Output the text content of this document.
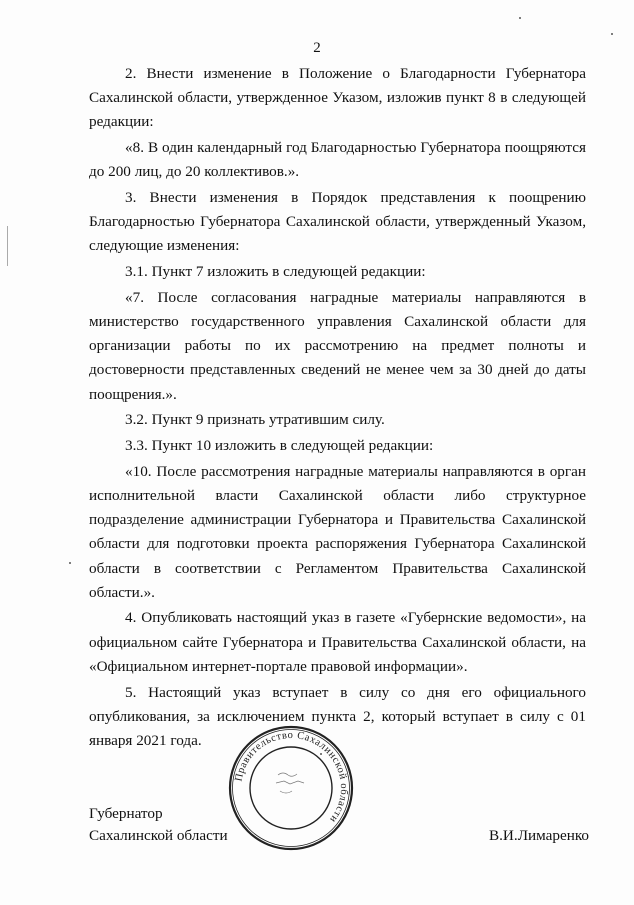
2

2. Внести изменение в Положение о Благодарности Губернатора Сахалинской области, утвержденное Указом, изложив пункт 8 в следующей редакции:

«8. В один календарный год Благодарностью Губернатора поощряются до 200 лиц, до 20 коллективов.».

3. Внести изменения в Порядок представления к поощрению Благодарностью Губернатора Сахалинской области, утвержденный Указом, следующие изменения:

3.1. Пункт 7 изложить в следующей редакции:

«7. После согласования наградные материалы направляются в министерство государственного управления Сахалинской области для организации работы по их рассмотрению на предмет полноты и достоверности представленных сведений не менее чем за 30 дней до даты поощрения.».

3.2. Пункт 9 признать утратившим силу.

3.3. Пункт 10 изложить в следующей редакции:

«10. После рассмотрения наградные материалы направляются в орган исполнительной власти Сахалинской области либо структурное подразделение администрации Губернатора и Правительства Сахалинской области для подготовки проекта распоряжения Губернатора Сахалинской области в соответствии с Регламентом Правительства Сахалинской области.».

4. Опубликовать настоящий указ в газете «Губернские ведомости», на официальном сайте Губернатора и Правительства Сахалинской области, на «Официальном интернет-портале правовой информации».

5. Настоящий указ вступает в силу со дня его официального опубликования, за исключением пункта 2, который вступает в силу с 01 января 2021 года.

Правительство Сахалинской области
Губернатор
Сахалинской области	В.И.Лимаренко
